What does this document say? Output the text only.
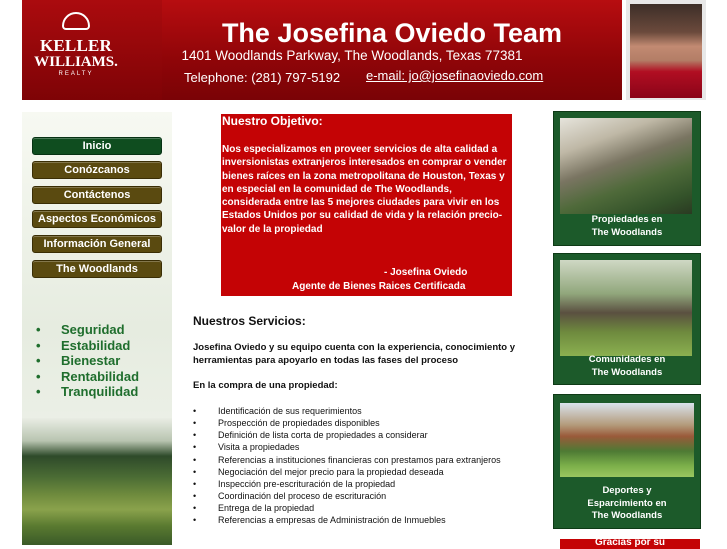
KELLER
WILLIAMS.
REALTY
The Josefina Oviedo Team
1401 Woodlands Parkway, The Woodlands, Texas 77381
Telephone: (281) 797-5192 e-mail: jo@josefinaoviedo.com
Inicio
Conózcanos
Contáctenos
Aspectos Económicos
Información General
The Woodlands
• Seguridad
• Estabilidad
• Bienestar
• Rentabilidad
• Tranquilidad
Nuestro Objetivo:
Nos especializamos en proveer servicios de alta calidad a inversionistas extranjeros interesados en comprar o vender bienes raíces en la zona metropolitana de Houston, Texas y en especial en la comunidad de The Woodlands, considerada entre las 5 mejores ciudades para vivir en los Estados Unidos por su calidad de vida y la relación precio-valor de la propiedad
- Josefina Oviedo
Agente de Bienes Raices Certificada
Nuestros Servicios:
Josefina Oviedo y su equipo cuenta con la experiencia, conocimiento y herramientas para apoyarlo en todas las fases del proceso
En la compra de una propiedad:
• Identificación de sus requerimientos
• Prospección de propiedades disponibles
• Definición de lista corta de propiedades a considerar
• Visita a propiedades
• Referencias a instituciones financieras con prestamos para extranjeros
• Negociación del mejor precio para la propiedad deseada
• Inspección pre-escrituración de la propiedad
• Coordinación del proceso de escrituración
• Entrega de la propiedad
• Referencias a empresas de Administración de Inmuebles
Propiedades en
The Woodlands
Comunidades en
The Woodlands
Deportes y
Esparcimiento en
The Woodlands
Gracias por su
